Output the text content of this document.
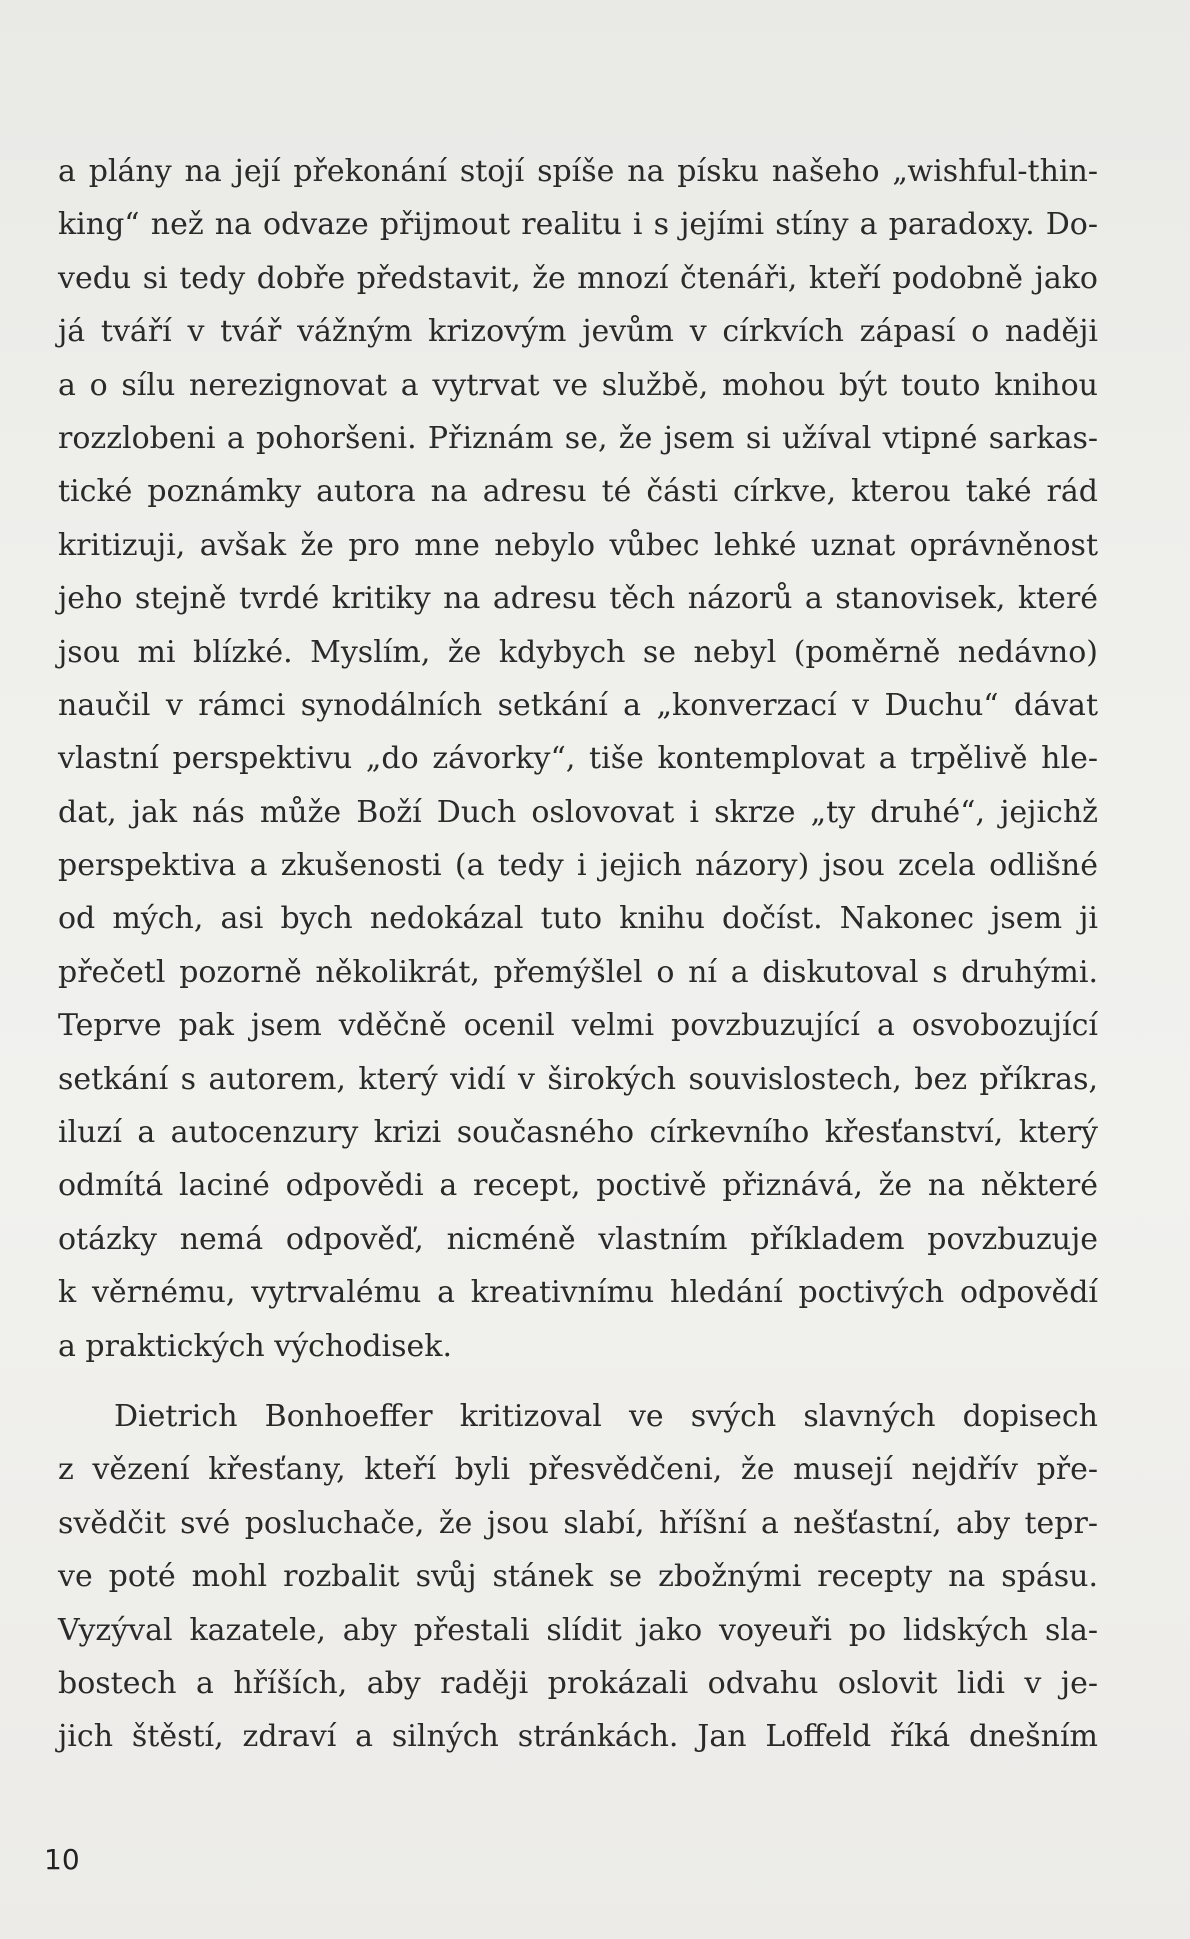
a plány na její překonání stojí spíše na písku našeho „wishful-thin-
king“ než na odvaze přijmout realitu i s jejími stíny a paradoxy. Do-
vedu si tedy dobře představit, že mnozí čtenáři, kteří podobně jako
já tváří v tvář vážným krizovým jevům v církvích zápasí o naději
a o sílu nerezignovat a vytrvat ve službě, mohou být touto knihou
rozzlobeni a pohoršeni. Přiznám se, že jsem si užíval vtipné sarkas-
tické poznámky autora na adresu té části církve, kterou také rád
kritizuji, avšak že pro mne nebylo vůbec lehké uznat oprávněnost
jeho stejně tvrdé kritiky na adresu těch názorů a stanovisek, které
jsou mi blízké. Myslím, že kdybych se nebyl (poměrně nedávno)
naučil v rámci synodálních setkání a „konverzací v Duchu“ dávat
vlastní perspektivu „do závorky“, tiše kontemplovat a trpělivě hle-
dat, jak nás může Boží Duch oslovovat i skrze „ty druhé“, jejichž
perspektiva a zkušenosti (a tedy i jejich názory) jsou zcela odlišné
od mých, asi bych nedokázal tuto knihu dočíst. Nakonec jsem ji
přečetl pozorně několikrát, přemýšlel o ní a diskutoval s druhými.
Teprve pak jsem vděčně ocenil velmi povzbuzující a osvobozující
setkání s autorem, který vidí v širokých souvislostech, bez příkras,
iluzí a autocenzury krizi současného církevního křesťanství, který
odmítá laciné odpovědi a recept, poctivě přiznává, že na některé
otázky nemá odpověď, nicméně vlastním příkladem povzbuzuje
k věrnému, vytrvalému a kreativnímu hledání poctivých odpovědí
a praktických východisek.
Dietrich Bonhoeffer kritizoval ve svých slavných dopisech
z vězení křesťany, kteří byli přesvědčeni, že musejí nejdřív pře-
svědčit své posluchače, že jsou slabí, hříšní a nešťastní, aby tepr-
ve poté mohl rozbalit svůj stánek se zbožnými recepty na spásu.
Vyzýval kazatele, aby přestali slídit jako voyeuři po lidských sla-
bostech a hříších, aby raději prokázali odvahu oslovit lidi v je-
jich štěstí, zdraví a silných stránkách. Jan Loffeld říká dnešním
10
